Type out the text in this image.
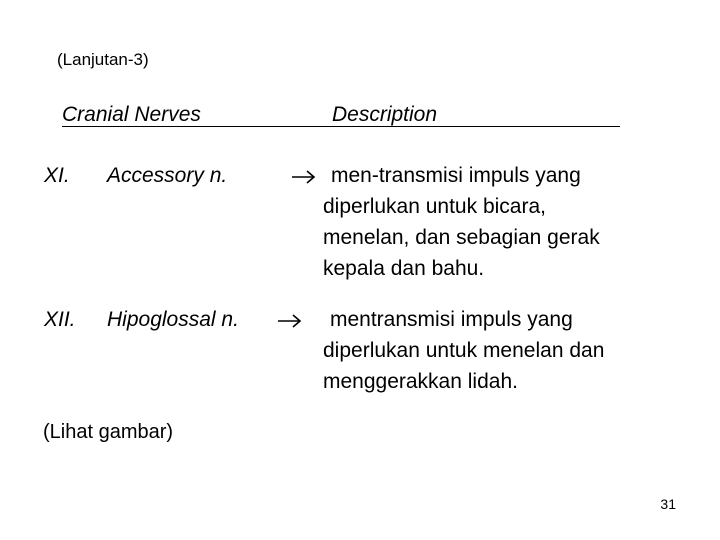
(Lanjutan-3)
Cranial Nerves	Description
XI. Accessory n.	men-transmisi impuls yang
diperlukan untuk bicara,
menelan, dan sebagian gerak
kepala dan bahu.
XII. Hipoglossal n.	mentransmisi impuls yang
diperlukan untuk menelan dan
menggerakkan lidah.
(Lihat gambar)
31
